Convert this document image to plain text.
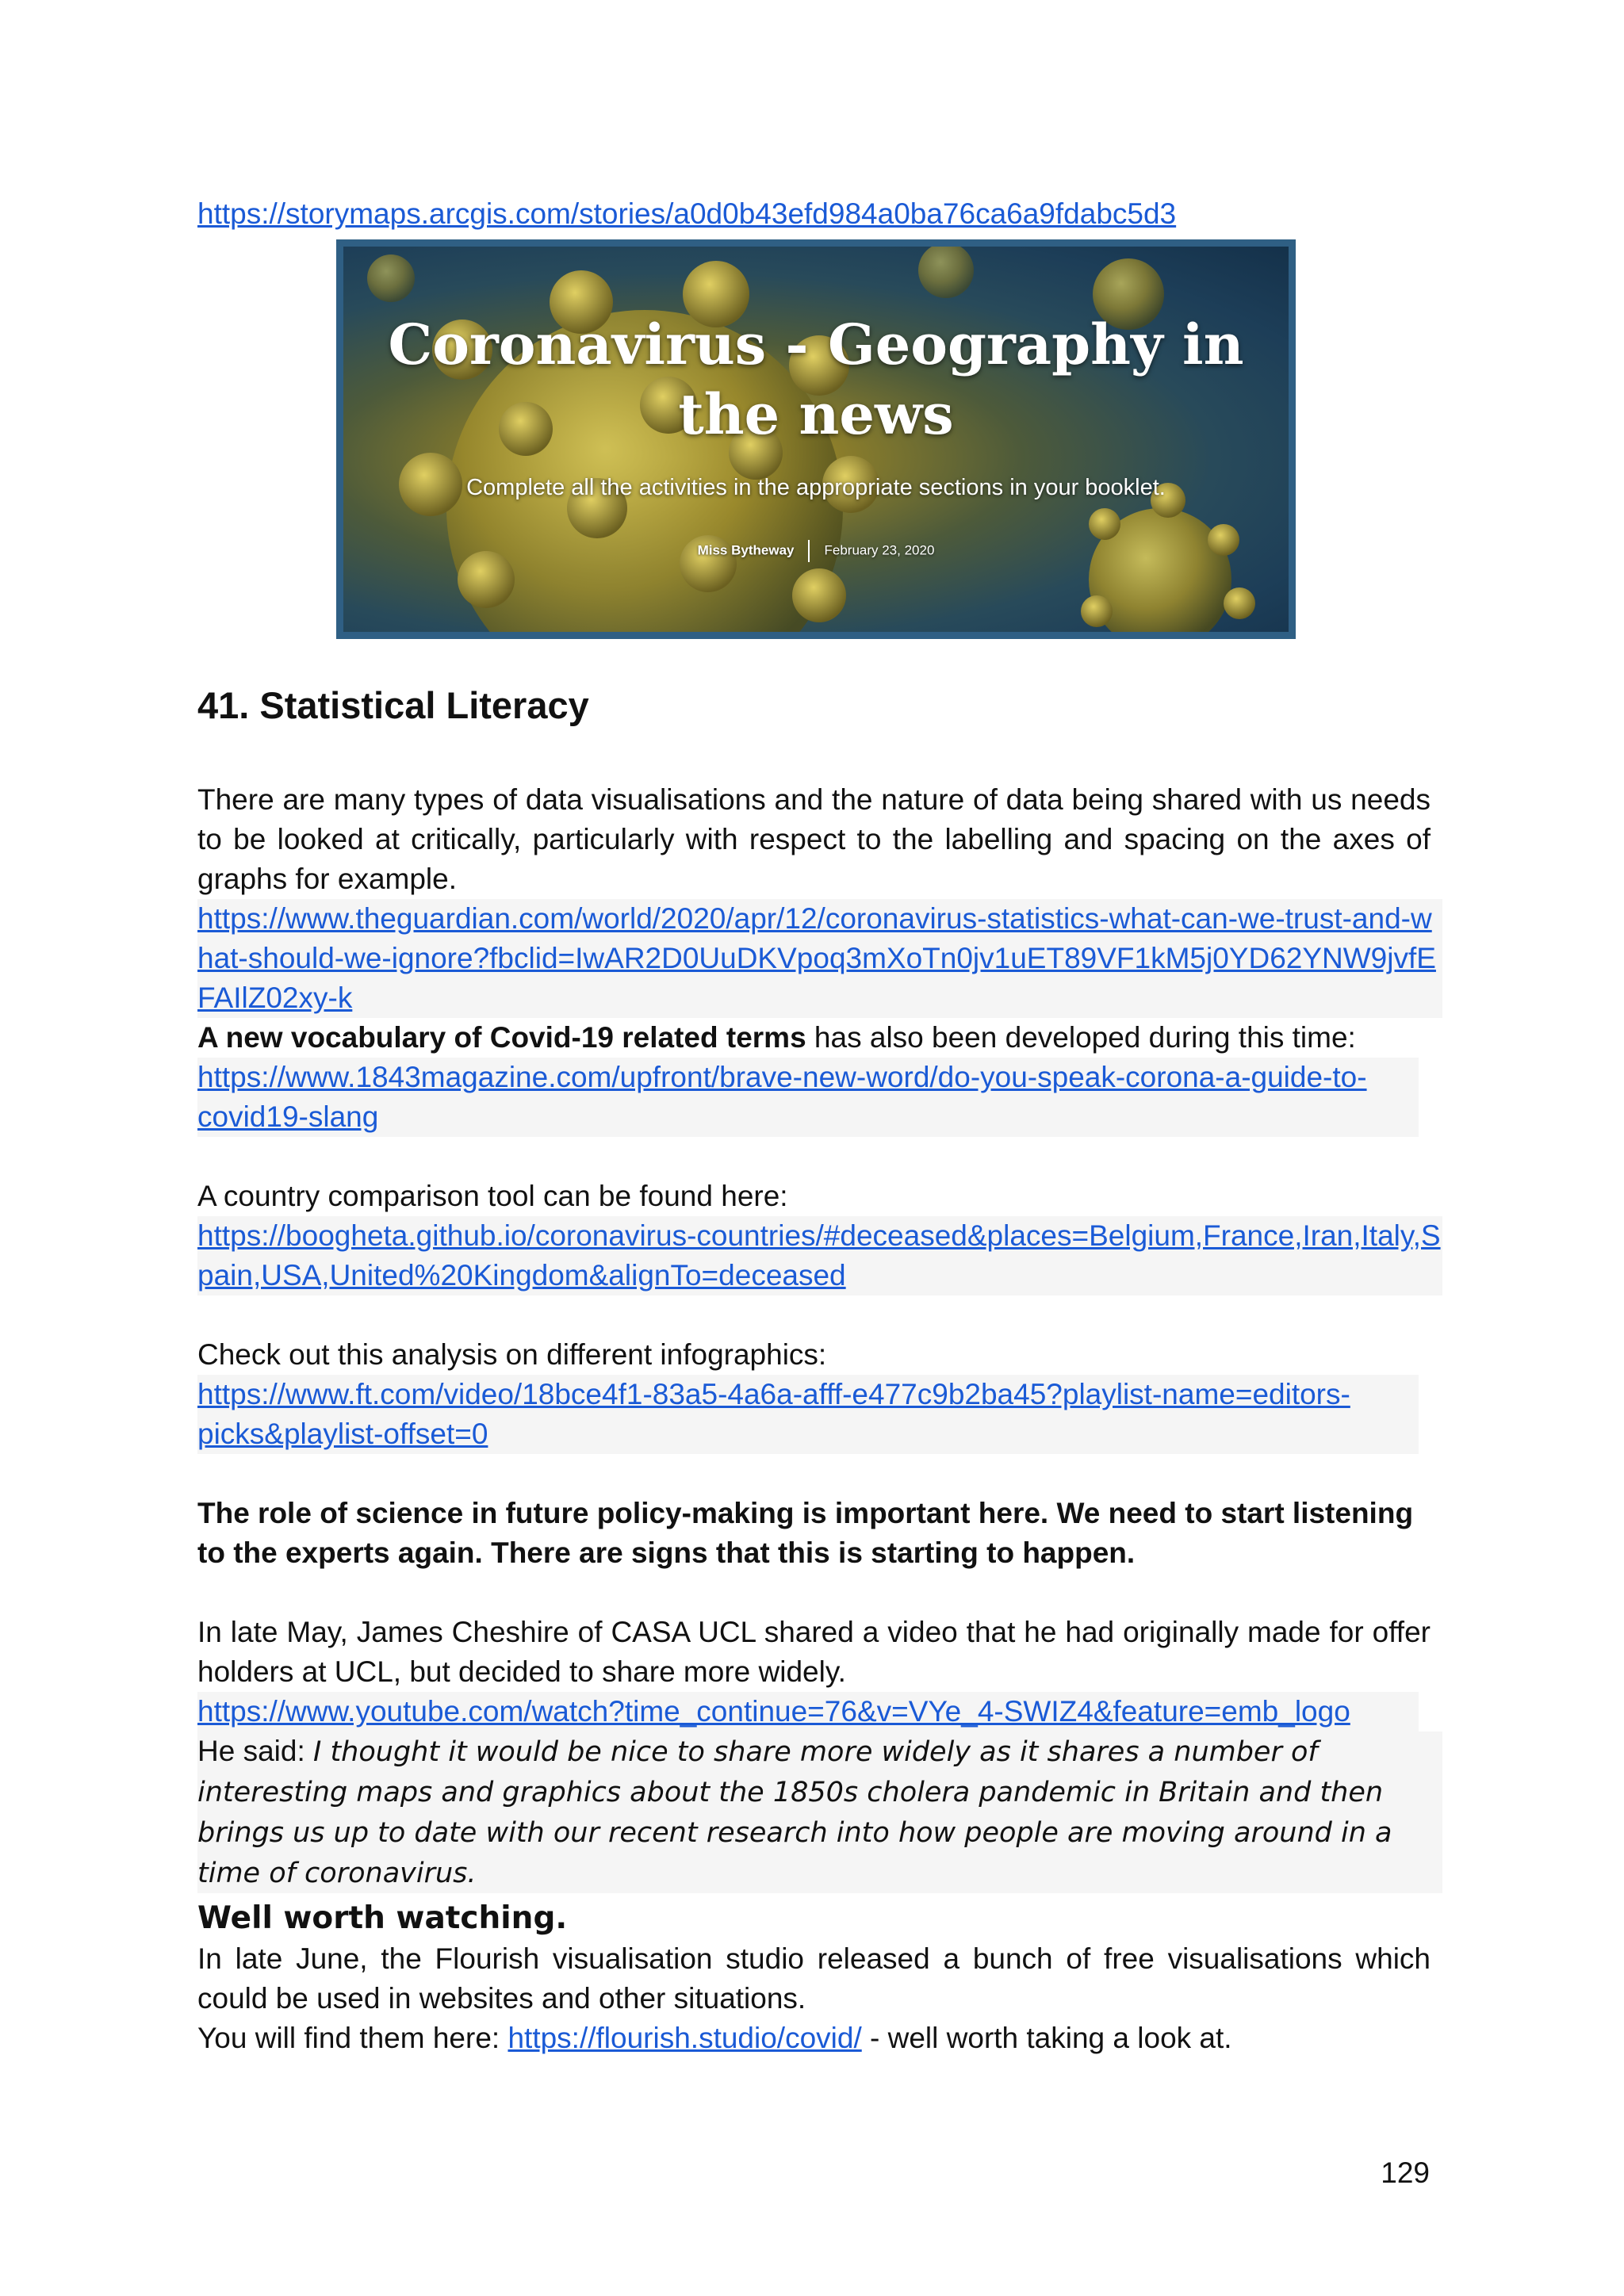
https://storymaps.arcgis.com/stories/a0d0b43efd984a0ba76ca6a9fdabc5d3
Coronavirus - Geography in the news
Complete all the activities in the appropriate sections in your booklet.
Miss Bytheway February 23, 2020
41. Statistical Literacy

There are many types of data visualisations and the nature of data being shared with us needs to be looked at critically, particularly with respect to the labelling and spacing on the axes of graphs for example.

https://www.theguardian.com/world/2020/apr/12/coronavirus-statistics-what-can-we-trust-and-what-should-we-ignore?fbclid=IwAR2D0UuDKVpoq3mXoTn0jv1uET89VF1kM5j0YD62YNW9jvfEFAIlZ02xy-k

A new vocabulary of Covid-19 related terms has also been developed during this time:

https://www.1843magazine.com/upfront/brave-new-word/do-you-speak-corona-a-guide-to-covid19-slang

A country comparison tool can be found here:

https://boogheta.github.io/coronavirus-countries/#deceased&places=Belgium,France,Iran,Italy,Spain,USA,United%20Kingdom&alignTo=deceased

Check out this analysis on different infographics:

https://www.ft.com/video/18bce4f1-83a5-4a6a-afff-e477c9b2ba45?playlist-name=editors-picks&playlist-offset=0

The role of science in future policy-making is important here. We need to start listening to the experts again. There are signs that this is starting to happen.

In late May, James Cheshire of CASA UCL shared a video that he had originally made for offer holders at UCL, but decided to share more widely.

https://www.youtube.com/watch?time_continue=76&v=VYe_4-SWIZ4&feature=emb_logo

He said: I thought it would be nice to share more widely as it shares a number of interesting maps and graphics about the 1850s cholera pandemic in Britain and then brings us up to date with our recent research into how people are moving around in a time of coronavirus.

Well worth watching.

In late June, the Flourish visualisation studio released a bunch of free visualisations which could be used in websites and other situations.

You will find them here: https://flourish.studio/covid/ - well worth taking a look at.

129
